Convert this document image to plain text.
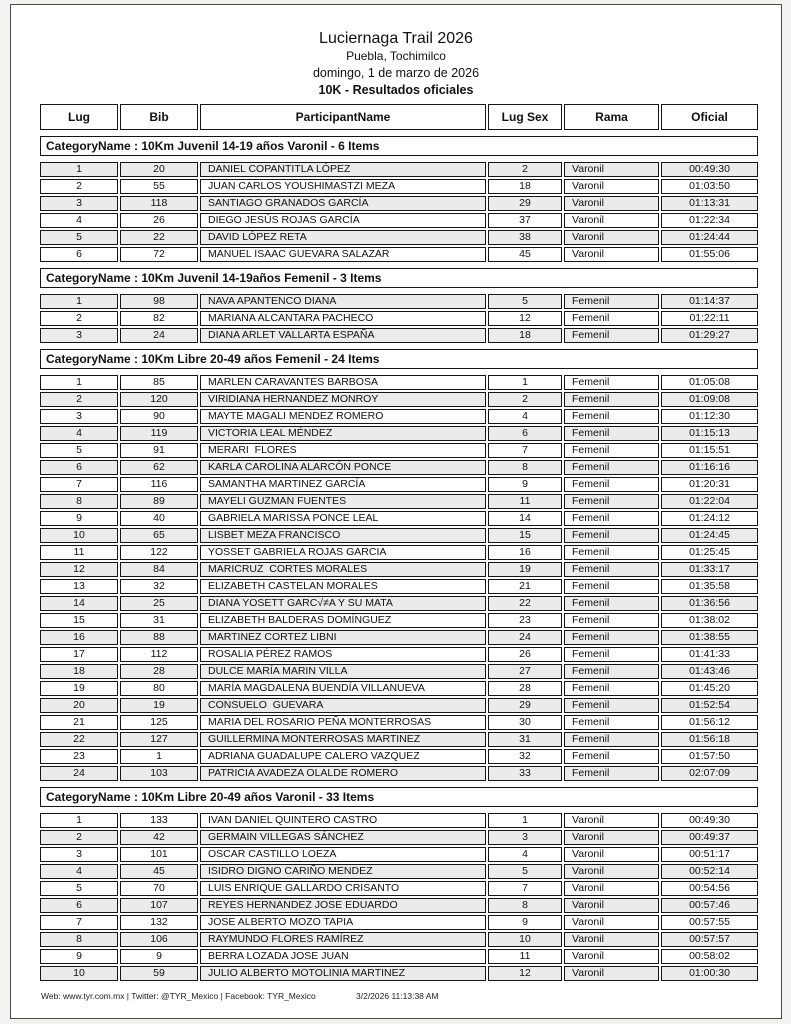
Luciernaga Trail 2026
Puebla, Tochimilco
domingo, 1 de marzo de 2026
10K - Resultados oficiales
Lug	Bib	ParticipantName	Lug Sex	Rama	Oficial

CategoryName : 10Km Juvenil 14-19 años Varonil - 6 Items					

1	20	DANIEL COPANTITLA LÓPEZ	2	Varonil	00:49:30
2	55	JUAN CARLOS YOUSHIMASTZI MEZA	18	Varonil	01:03:50
3	118	SANTIAGO GRANADOS GARCÍA	29	Varonil	01:13:31
4	26	DIEGO JESÚS ROJAS GARCÍA	37	Varonil	01:22:34
5	22	DAVID LÓPEZ RETA	38	Varonil	01:24:44
6	72	MANUEL ISAAC GUEVARA SALAZAR	45	Varonil	01:55:06

CategoryName : 10Km Juvenil 14-19años Femenil - 3 Items					

1	98	NAVA APANTENCO DIANA	5	Femenil	01:14:37
2	82	MARIANA ALCANTARA PACHECO	12	Femenil	01:22:11
3	24	DIANA ARLET VALLARTA ESPAÑA	18	Femenil	01:29:27

CategoryName : 10Km Libre 20-49 años Femenil - 24 Items					

1	85	MARLEN CARAVANTES BARBOSA	1	Femenil	01:05:08
2	120	VIRIDIANA HERNANDEZ MONROY	2	Femenil	01:09:08
3	90	MAYTE MAGALI MENDEZ ROMERO	4	Femenil	01:12:30
4	119	VICTORIA LEAL MÉNDEZ	6	Femenil	01:15:13
5	91	MERARI  FLORES	7	Femenil	01:15:51
6	62	KARLA CAROLINA ALARCÓN PONCE	8	Femenil	01:16:16
7	116	SAMANTHA MARTINEZ GARCÍA	9	Femenil	01:20:31
8	89	MAYELI GUZMAN FUENTES	11	Femenil	01:22:04
9	40	GABRIELA MARISSA PONCE LEAL	14	Femenil	01:24:12
10	65	LISBET MEZA FRANCISCO	15	Femenil	01:24:45
11	122	YOSSET GABRIELA ROJAS GARCIA	16	Femenil	01:25:45
12	84	MARICRUZ  CORTES MORALES	19	Femenil	01:33:17
13	32	ELIZABETH CASTELAN MORALES	21	Femenil	01:35:58
14	25	DIANA YOSETT GARC√≠A Y SU MATA	22	Femenil	01:36:56
15	31	ELIZABETH BALDERAS DOMÍNGUEZ	23	Femenil	01:38:02
16	88	MARTINEZ CORTEZ LIBNI	24	Femenil	01:38:55
17	112	ROSALIA PÉREZ RAMOS	26	Femenil	01:41:33
18	28	DULCE MARÍA MARIN VILLA	27	Femenil	01:43:46
19	80	MARÍA MAGDALENA BUENDÍA VILLANUEVA	28	Femenil	01:45:20
20	19	CONSUELO  GUEVARA	29	Femenil	01:52:54
21	125	MARIA DEL ROSARIO PEÑA MONTERROSAS	30	Femenil	01:56:12
22	127	GUILLERMINA MONTERROSAS MARTINEZ	31	Femenil	01:56:18
23	1	ADRIANA GUADALUPE CALERO VAZQUEZ	32	Femenil	01:57:50
24	103	PATRICIA AVADEZA OLALDE ROMERO	33	Femenil	02:07:09

CategoryName : 10Km Libre 20-49 años Varonil - 33 Items					

1	133	IVAN DANIEL QUINTERO CASTRO	1	Varonil	00:49:30
2	42	GERMAIN VILLEGAS SÁNCHEZ	3	Varonil	00:49:37
3	101	OSCAR CASTILLO LOEZA	4	Varonil	00:51:17
4	45	ISIDRO DIGNO CARIÑO MENDEZ	5	Varonil	00:52:14
5	70	LUIS ENRIQUE GALLARDO CRISANTO	7	Varonil	00:54:56
6	107	REYES HERNANDEZ JOSE EDUARDO	8	Varonil	00:57:46
7	132	JOSE ALBERTO MOZO TAPIA	9	Varonil	00:57:55
8	106	RAYMUNDO FLORES RAMÍREZ	10	Varonil	00:57:57
9	9	BERRA LOZADA JOSE JUAN	11	Varonil	00:58:02
10	59	JULIO ALBERTO MOTOLINIA MARTINEZ	12	Varonil	01:00:30
Web: www.tyr.com.mx | Twitter: @TYR_Mexico | Facebook: TYR_Mexico	3/2/2026 11:13:38 AM
